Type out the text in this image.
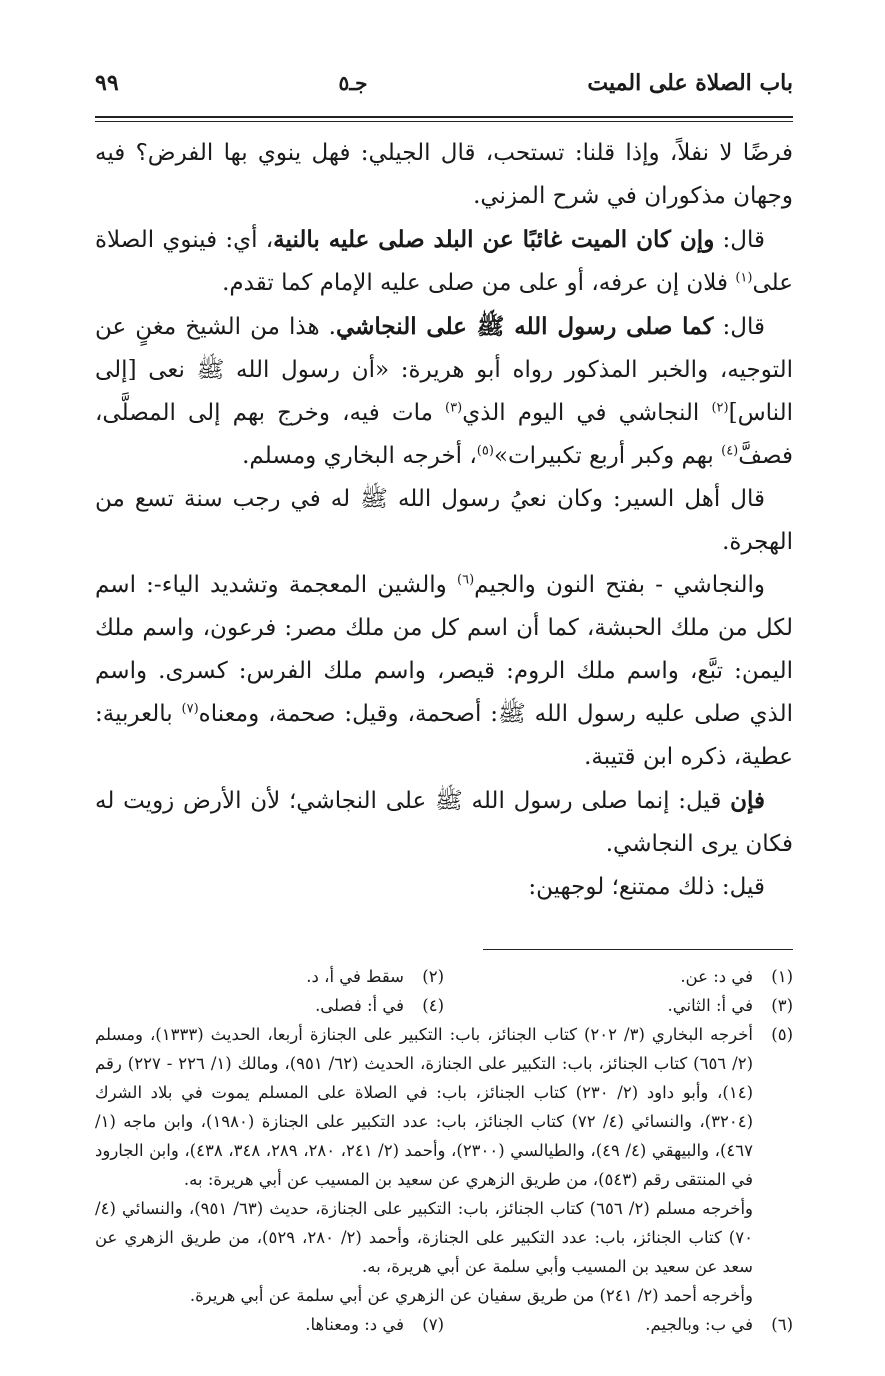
باب الصلاة على الميت
جـ٥
٩٩

فرضًا لا نفلاً، وإذا قلنا: تستحب، قال الجيلي: فهل ينوي بها الفرض؟ فيه وجهان مذكوران في شرح المزني.

قال: وإن كان الميت غائبًا عن البلد صلى عليه بالنية، أي: فينوي الصلاة على$^{(١)}$ فلان إن عرفه، أو على من صلى عليه الإمام كما تقدم.

قال: كما صلى رسول الله ﷺ على النجاشي. هذا من الشيخ مغنٍ عن التوجيه، والخبر المذكور رواه أبو هريرة: «أن رسول الله ﷺ نعى [إلى الناس]$^{(٢)}$ النجاشي في اليوم الذي$^{(٣)}$ مات فيه، وخرج بهم إلى المصلَّى، فصفَّ$^{(٤)}$ بهم وكبر أربع تكبيرات»$^{(٥)}$، أخرجه البخاري ومسلم.

قال أهل السير: وكان نعيُ رسول الله ﷺ له في رجب سنة تسع من الهجرة.

والنجاشي - بفتح النون والجيم$^{(٦)}$ والشين المعجمة وتشديد الياء-: اسم لكل من ملك الحبشة، كما أن اسم كل من ملك مصر: فرعون، واسم ملك اليمن: تبَّع، واسم ملك الروم: قيصر، واسم ملك الفرس: كسرى. واسم الذي صلى عليه رسول الله ﷺ: أصحمة، وقيل: صحمة، ومعناه$^{(٧)}$ بالعربية: عطية، ذكره ابن قتيبة.

فإن قيل: إنما صلى رسول الله ﷺ على النجاشي؛ لأن الأرض زويت له فكان يرى النجاشي.

قيل: ذلك ممتنع؛ لوجهين:

(١)
في د: عن.
(٢)
سقط في أ، د.
(٣)
في أ: الثاني.
(٤)
في أ: فصلى.
(٥)
أخرجه البخاري (٣/ ٢٠٢) كتاب الجنائز، باب: التكبير على الجنازة أربعا، الحديث (١٣٣٣)، ومسلم (٢/ ٦٥٦) كتاب الجنائز، باب: التكبير على الجنازة، الحديث (٦٢/ ٩٥١)، ومالك (١/ ٢٢٦ - ٢٢٧) رقم (١٤)، وأبو داود (٢/ ٢٣٠) كتاب الجنائز، باب: في الصلاة على المسلم يموت في بلاد الشرك (٣٢٠٤)، والنسائي (٤/ ٧٢) كتاب الجنائز، باب: عدد التكبير على الجنازة (١٩٨٠)، وابن ماجه (١/ ٤٦٧)، والبيهقي (٤/ ٤٩)، والطيالسي (٢٣٠٠)، وأحمد (٢/ ٢٤١، ٢٨٠، ٢٨٩، ٣٤٨، ٤٣٨)، وابن الجارود في المنتقى رقم (٥٤٣)، من طريق الزهري عن سعيد بن المسيب عن أبي هريرة: به.
وأخرجه مسلم (٢/ ٦٥٦) كتاب الجنائز، باب: التكبير على الجنازة، حديث (٦٣/ ٩٥١)، والنسائي (٤/ ٧٠) كتاب الجنائز، باب: عدد التكبير على الجنازة، وأحمد (٢/ ٢٨٠، ٥٢٩)، من طريق الزهري عن سعد عن سعيد بن المسيب وأبي سلمة عن أبي هريرة، به.
وأخرجه أحمد (٢/ ٢٤١) من طريق سفيان عن الزهري عن أبي سلمة عن أبي هريرة.
(٦)
في ب: وبالجيم.
(٧)
في د: ومعناها.
